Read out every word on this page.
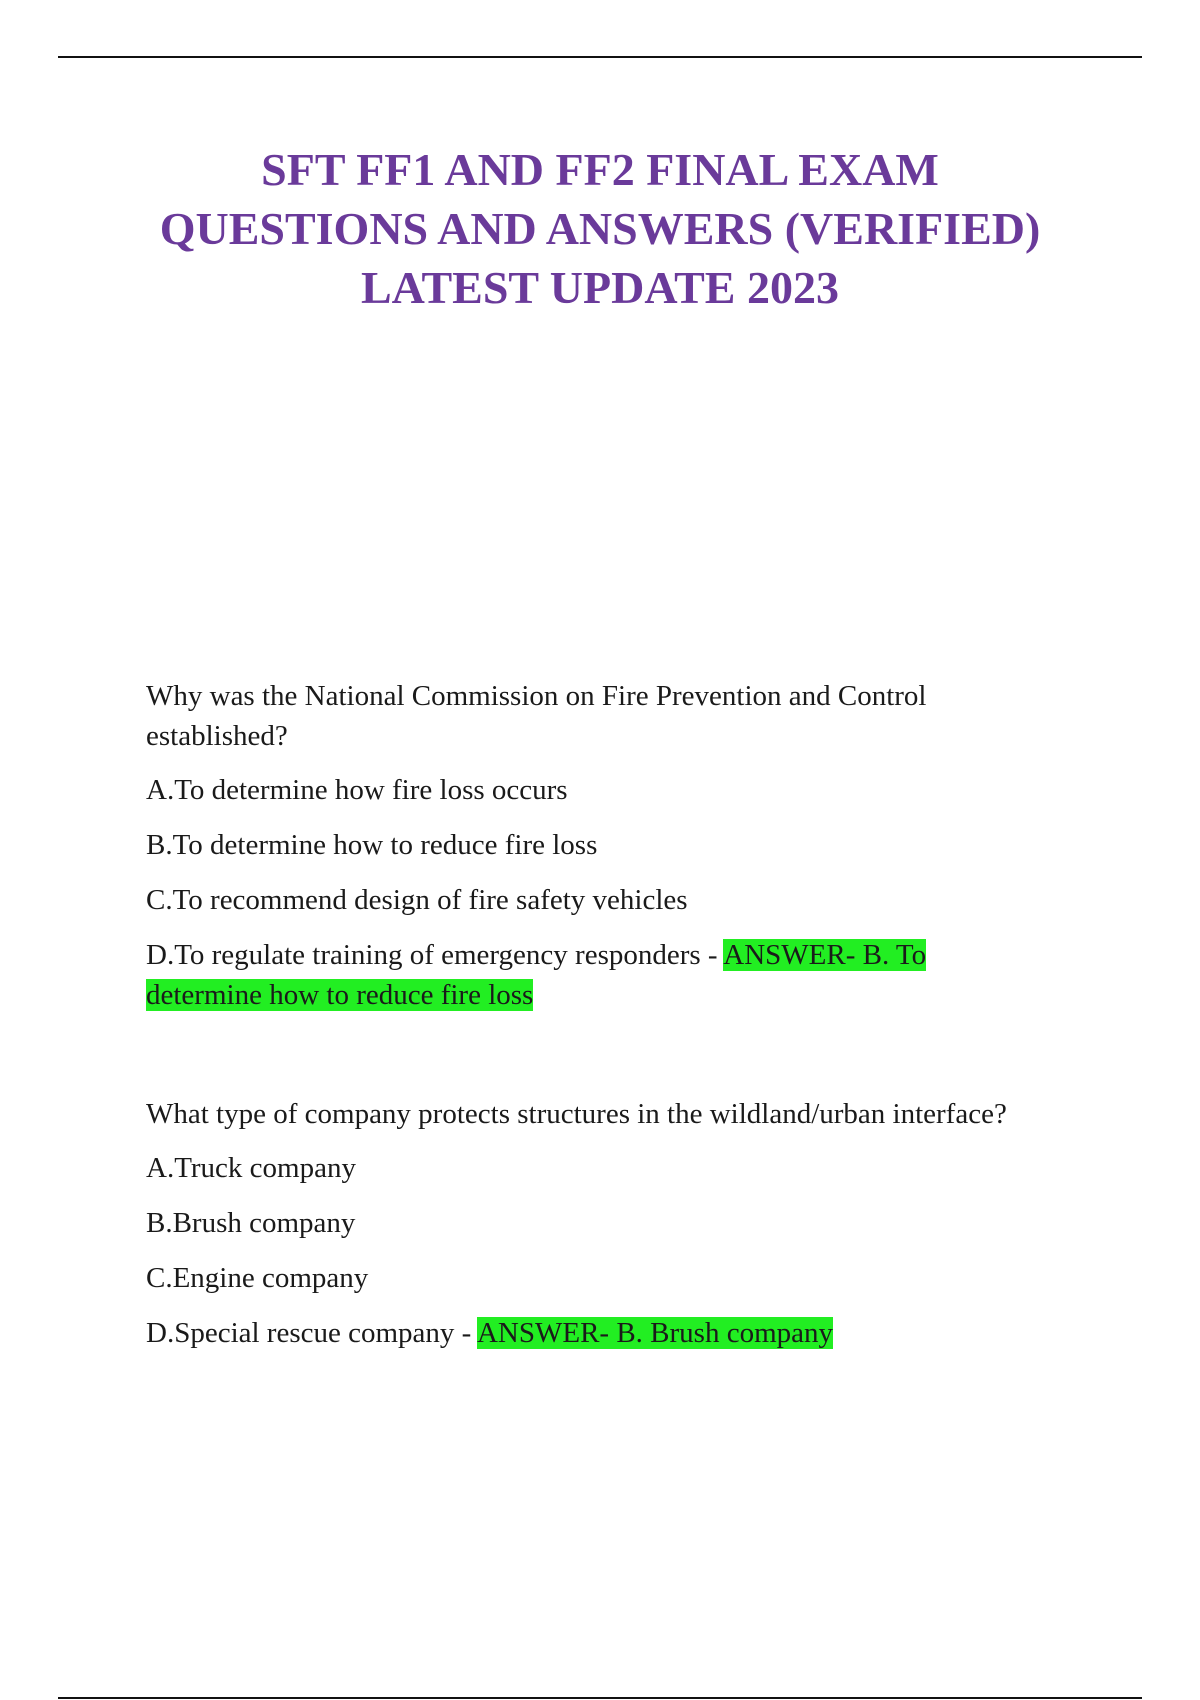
SFT FF1 AND FF2 FINAL EXAM
QUESTIONS AND ANSWERS (VERIFIED)
LATEST UPDATE 2023

Why was the National Commission on Fire Prevention and Control established?

A.To determine how fire loss occurs

B.To determine how to reduce fire loss

C.To recommend design of fire safety vehicles

D.To regulate training of emergency responders - ANSWER- B. To determine how to reduce fire loss

What type of company protects structures in the wildland/urban interface?

A.Truck company

B.Brush company

C.Engine company

D.Special rescue company - ANSWER- B. Brush company
